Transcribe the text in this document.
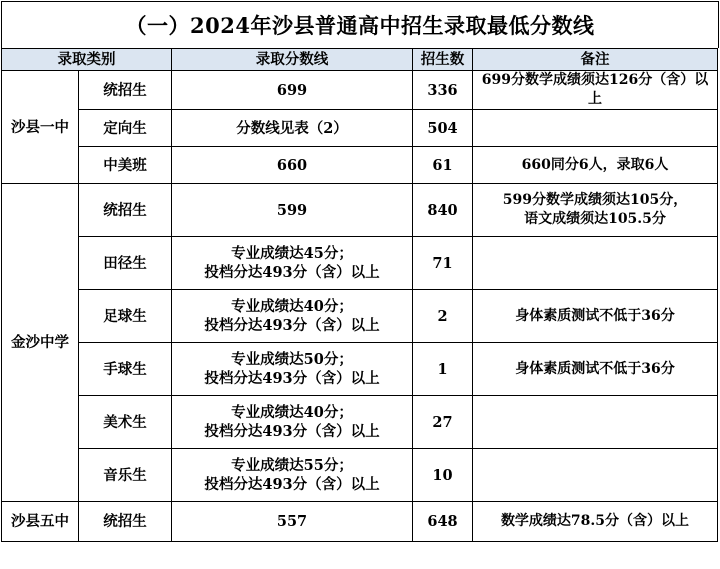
（一）2024年沙县普通高中招生录取最低分数线
录取类别		录取分数线	招生数	备注
沙县一中	统招生	699	336	699分数学成绩须达126分（含）以上
	定向生	分数线见表（2）	504	
	中美班	660	61	660同分6人，录取6人
金沙中学	统招生	599	840	599分数学成绩须达105分，
语文成绩须达105.5分
	田径生	专业成绩达45分；
投档分达493分（含）以上	71	
	足球生	专业成绩达40分；
投档分达493分（含）以上	2	身体素质测试不低于36分
	手球生	专业成绩达50分；
投档分达493分（含）以上	1	身体素质测试不低于36分
	美术生	专业成绩达40分；
投档分达493分（含）以上	27	
	音乐生	专业成绩达55分；
投档分达493分（含）以上	10	
沙县五中	统招生	557	648	数学成绩达78.5分（含）以上
